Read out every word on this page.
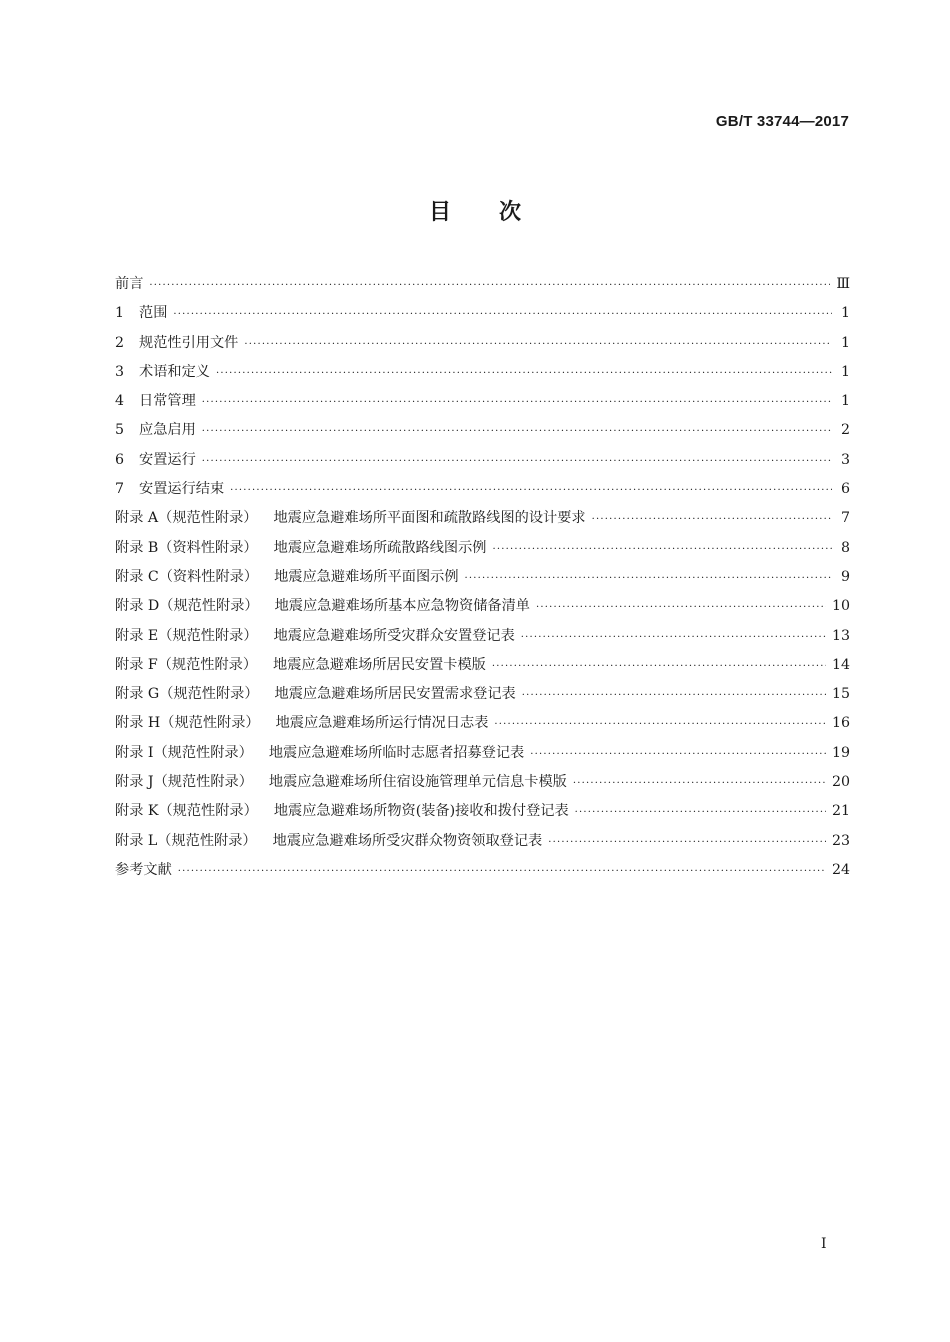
GB/T 33744—2017
目 次
前言 ·····	Ⅲ
1	范围 ·····	1
2	规范性引用文件 ·····	1
3	术语和定义 ·····	1
4	日常管理 ·····	1
5	应急启用 ·····	2
6	安置运行 ·····	3
7	安置运行结束 ·····	6
附录 A（规范性附录） 地震应急避难场所平面图和疏散路线图的设计要求 ·····	7
附录 B（资料性附录） 地震应急避难场所疏散路线图示例 ·····	8
附录 C（资料性附录） 地震应急避难场所平面图示例 ·····	9
附录 D（规范性附录） 地震应急避难场所基本应急物资储备清单 ·····	10
附录 E（规范性附录） 地震应急避难场所受灾群众安置登记表 ·····	13
附录 F（规范性附录） 地震应急避难场所居民安置卡模版 ·····	14
附录 G（规范性附录） 地震应急避难场所居民安置需求登记表 ·····	15
附录 H（规范性附录） 地震应急避难场所运行情况日志表 ·····	16
附录 I（规范性附录） 地震应急避难场所临时志愿者招募登记表 ·····	19
附录 J（规范性附录） 地震应急避难场所住宿设施管理单元信息卡模版 ·····	20
附录 K（规范性附录） 地震应急避难场所物资(装备)接收和拨付登记表 ·····	21
附录 L（规范性附录） 地震应急避难场所受灾群众物资领取登记表 ·····	23
参考文献 ·····	24
I
